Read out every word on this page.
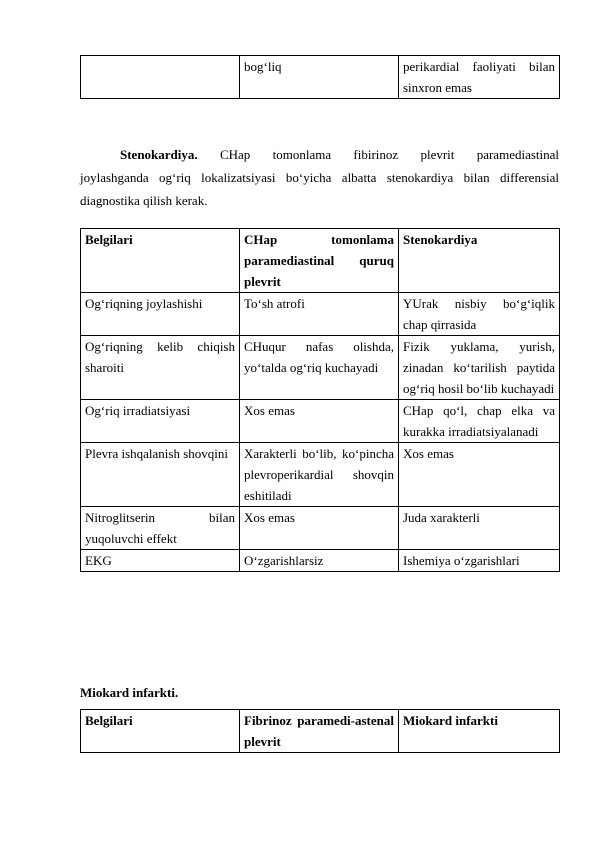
	bog‘liq	perikardial faoliyati bilan sinxron emas
Stenokardiya. CHap tomonlama fibirinoz plevrit paramediastinal
joylashganda og‘riq lokalizatsiyasi bo‘yicha albatta stenokardiya bilan differensial diagnostika qilish kerak.
Belgilari	CHap tomonlama paramediastinal quruq plevrit	Stenokardiya
Og‘riqning joylashishi	To‘sh atrofi	YUrak nisbiy bo‘g‘iqlik chap qirrasida
Og‘riqning kelib chiqish sharoiti	CHuqur nafas olishda, yo‘talda og‘riq kuchayadi	Fizik yuklama, yurish, zinadan ko‘tarilish paytida og‘riq hosil bo‘lib kuchayadi
Og‘riq irradiatsiyasi	Xos emas	CHap qo‘l, chap elka va kurakka irradiatsiyalanadi
Plevra ishqalanish shovqini	Xarakterli bo‘lib, ko‘pincha plevroperikardial shovqin eshitiladi	Xos emas
Nitroglitserin bilan yuqoluvchi effekt	Xos emas	Juda xarakterli
EKG	O‘zgarishlarsiz	Ishemiya o‘zgarishlari
Miokard infarkti.
Belgilari	Fibrinoz paramedi-astenal plevrit	Miokard infarkti
